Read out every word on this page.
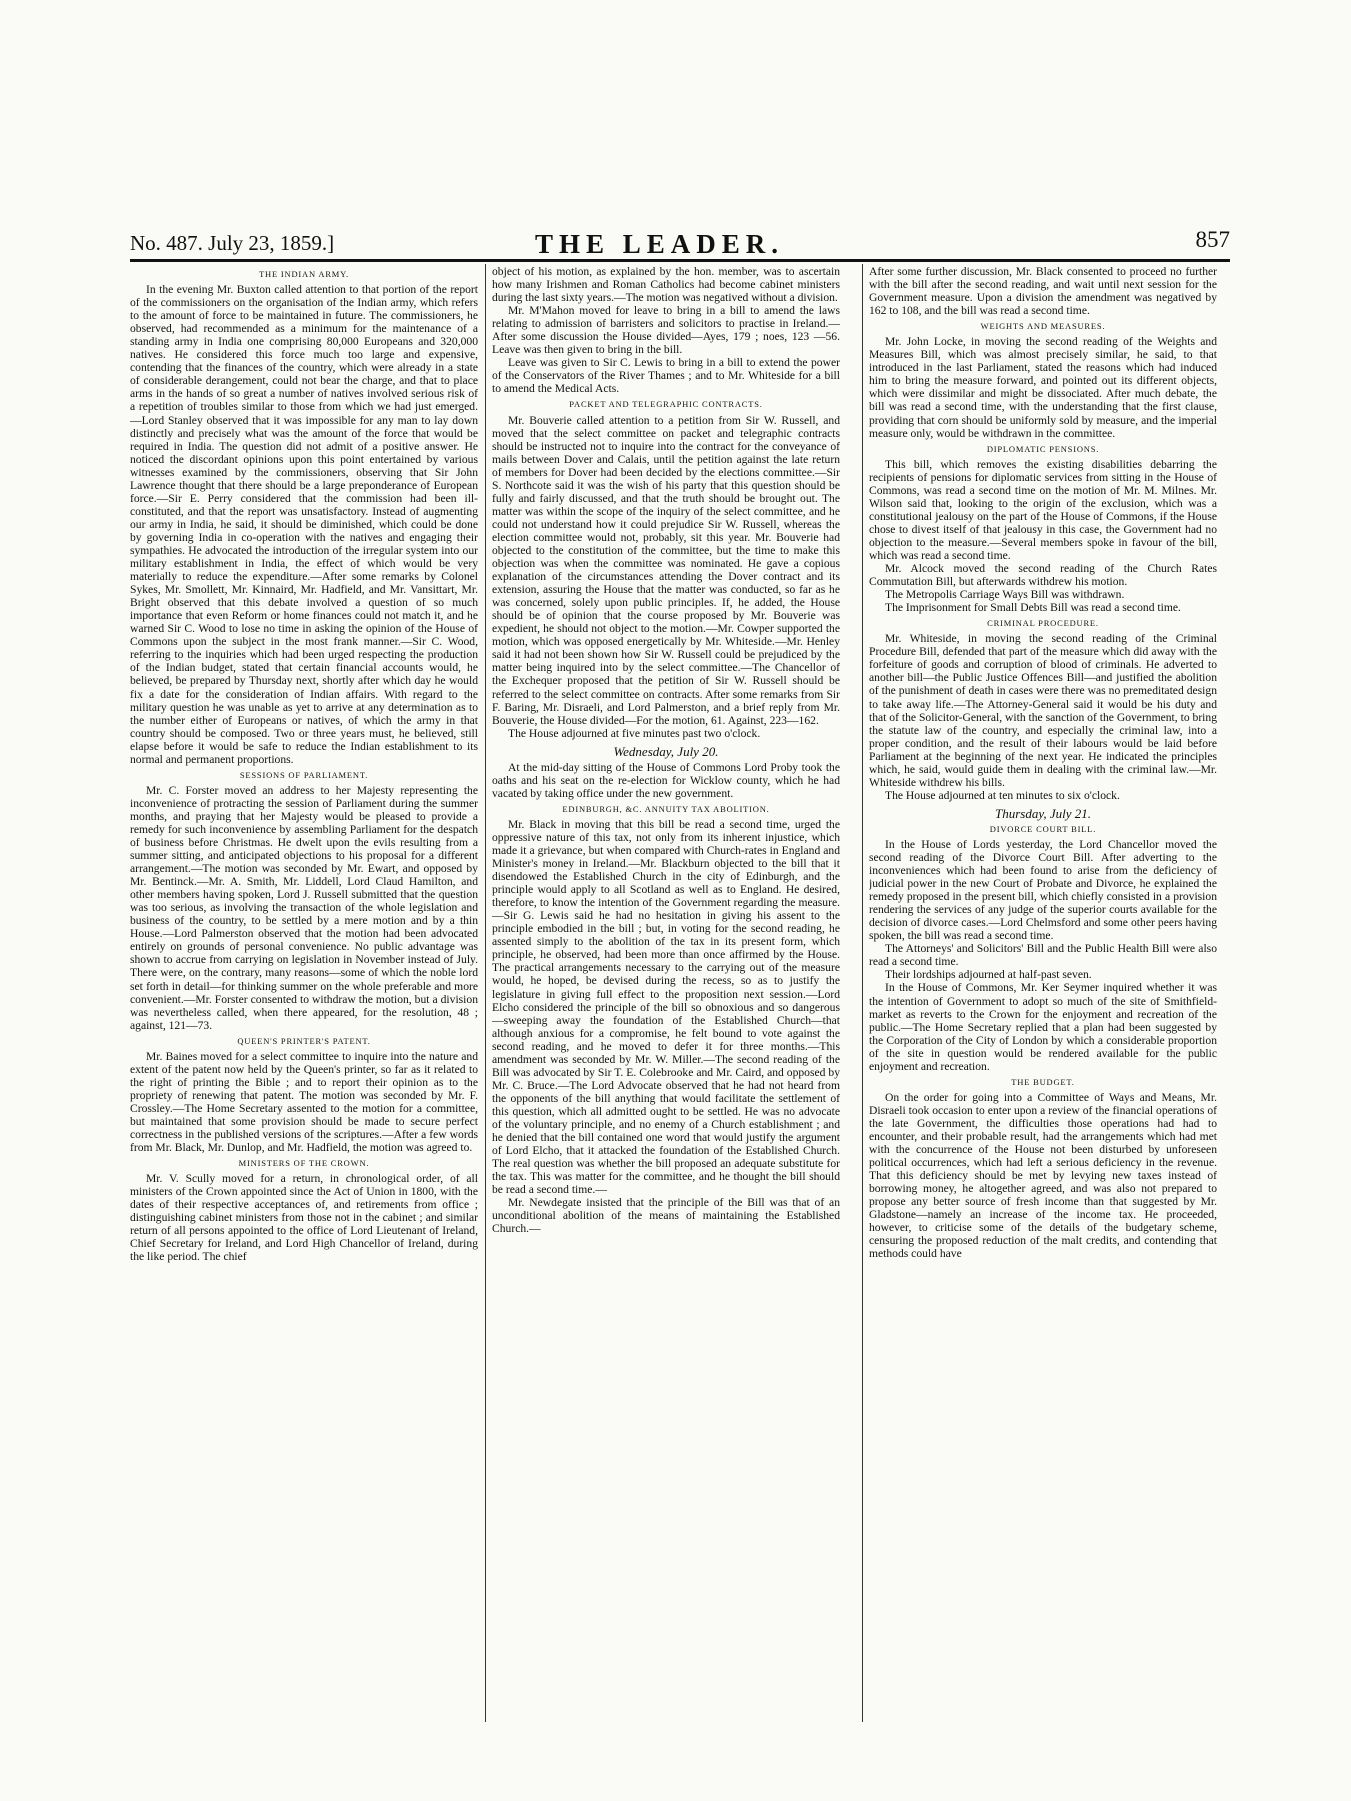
No. 487. July 23, 1859.]	THE LEADER.	857
THE INDIAN ARMY.
In the evening Mr. Buxton called attention to that portion of the report of the commissioners on the organisation of the Indian army, which refers to the amount of force to be maintained in future. The commissioners, he observed, had recommended as a minimum for the maintenance of a standing army in India one comprising 80,000 Europeans and 320,000 natives. He considered this force much too large and expensive, contending that the finances of the country, which were already in a state of considerable derangement, could not bear the charge, and that to place arms in the hands of so great a number of natives involved serious risk of a repetition of troubles similar to those from which we had just emerged.—Lord Stanley observed that it was impossible for any man to lay down distinctly and precisely what was the amount of the force that would be required in India. The question did not admit of a positive answer. He noticed the discordant opinions upon this point entertained by various witnesses examined by the commissioners, observing that Sir John Lawrence thought that there should be a large preponderance of European force.—Sir E. Perry considered that the commission had been ill-constituted, and that the report was unsatisfactory. Instead of augmenting our army in India, he said, it should be diminished, which could be done by governing India in co-operation with the natives and engaging their sympathies. He advocated the introduction of the irregular system into our military establishment in India, the effect of which would be very materially to reduce the expenditure.—After some remarks by Colonel Sykes, Mr. Smollett, Mr. Kinnaird, Mr. Hadfield, and Mr. Vansittart, Mr. Bright observed that this debate involved a question of so much importance that even Reform or home finances could not match it, and he warned Sir C. Wood to lose no time in asking the opinion of the House of Commons upon the subject in the most frank manner.—Sir C. Wood, referring to the inquiries which had been urged respecting the production of the Indian budget, stated that certain financial accounts would, he believed, be prepared by Thursday next, shortly after which day he would fix a date for the consideration of Indian affairs. With regard to the military question he was unable as yet to arrive at any determination as to the number either of Europeans or natives, of which the army in that country should be composed. Two or three years must, he believed, still elapse before it would be safe to reduce the Indian establishment to its normal and permanent proportions.
SESSIONS OF PARLIAMENT.
Mr. C. Forster moved an address to her Majesty representing the inconvenience of protracting the session of Parliament during the summer months, and praying that her Majesty would be pleased to provide a remedy for such inconvenience by assembling Parliament for the despatch of business before Christmas. He dwelt upon the evils resulting from a summer sitting, and anticipated objections to his proposal for a different arrangement.—The motion was seconded by Mr. Ewart, and opposed by Mr. Bentinck.—Mr. A. Smith, Mr. Liddell, Lord Claud Hamilton, and other members having spoken, Lord J. Russell submitted that the question was too serious, as involving the transaction of the whole legislation and business of the country, to be settled by a mere motion and by a thin House.—Lord Palmerston observed that the motion had been advocated entirely on grounds of personal convenience. No public advantage was shown to accrue from carrying on legislation in November instead of July. There were, on the contrary, many reasons—some of which the noble lord set forth in detail—for thinking summer on the whole preferable and more convenient.—Mr. Forster consented to withdraw the motion, but a division was nevertheless called, when there appeared, for the resolution, 48 ; against, 121—73.
QUEEN'S PRINTER'S PATENT.
Mr. Baines moved for a select committee to inquire into the nature and extent of the patent now held by the Queen's printer, so far as it related to the right of printing the Bible ; and to report their opinion as to the propriety of renewing that patent. The motion was seconded by Mr. F. Crossley.—The Home Secretary assented to the motion for a committee, but maintained that some provision should be made to secure perfect correctness in the published versions of the scriptures.—After a few words from Mr. Black, Mr. Dunlop, and Mr. Hadfield, the motion was agreed to.
MINISTERS OF THE CROWN.
Mr. V. Scully moved for a return, in chronological order, of all ministers of the Crown appointed since the Act of Union in 1800, with the dates of their respective acceptances of, and retirements from office ; distinguishing cabinet ministers from those not in the cabinet ; and similar return of all persons appointed to the office of Lord Lieutenant of Ireland, Chief Secretary for Ireland, and Lord High Chancellor of Ireland, during the like period. The chief
object of his motion, as explained by the hon. member, was to ascertain how many Irishmen and Roman Catholics had become cabinet ministers during the last sixty years.—The motion was negatived without a division.
Mr. M'Mahon moved for leave to bring in a bill to amend the laws relating to admission of barristers and solicitors to practise in Ireland.—After some discussion the House divided—Ayes, 179 ; noes, 123 —56. Leave was then given to bring in the bill.
Leave was given to Sir C. Lewis to bring in a bill to extend the power of the Conservators of the River Thames ; and to Mr. Whiteside for a bill to amend the Medical Acts.
PACKET AND TELEGRAPHIC CONTRACTS.
Mr. Bouverie called attention to a petition from Sir W. Russell, and moved that the select committee on packet and telegraphic contracts should be instructed not to inquire into the contract for the conveyance of mails between Dover and Calais, until the petition against the late return of members for Dover had been decided by the elections committee.—Sir S. Northcote said it was the wish of his party that this question should be fully and fairly discussed, and that the truth should be brought out. The matter was within the scope of the inquiry of the select committee, and he could not understand how it could prejudice Sir W. Russell, whereas the election committee would not, probably, sit this year. Mr. Bouverie had objected to the constitution of the committee, but the time to make this objection was when the committee was nominated. He gave a copious explanation of the circumstances attending the Dover contract and its extension, assuring the House that the matter was conducted, so far as he was concerned, solely upon public principles. If, he added, the House should be of opinion that the course proposed by Mr. Bouverie was expedient, he should not object to the motion.—Mr. Cowper supported the motion, which was opposed energetically by Mr. Whiteside.—Mr. Henley said it had not been shown how Sir W. Russell could be prejudiced by the matter being inquired into by the select committee.—The Chancellor of the Exchequer proposed that the petition of Sir W. Russell should be referred to the select committee on contracts. After some remarks from Sir F. Baring, Mr. Disraeli, and Lord Palmerston, and a brief reply from Mr. Bouverie, the House divided—For the motion, 61. Against, 223—162.
The House adjourned at five minutes past two o'clock.
Wednesday, July 20.
At the mid-day sitting of the House of Commons Lord Proby took the oaths and his seat on the re-election for Wicklow county, which he had vacated by taking office under the new government.
EDINBURGH, &C. ANNUITY TAX ABOLITION.
Mr. Black in moving that this bill be read a second time, urged the oppressive nature of this tax, not only from its inherent injustice, which made it a grievance, but when compared with Church-rates in England and Minister's money in Ireland.—Mr. Blackburn objected to the bill that it disendowed the Established Church in the city of Edinburgh, and the principle would apply to all Scotland as well as to England. He desired, therefore, to know the intention of the Government regarding the measure.—Sir G. Lewis said he had no hesitation in giving his assent to the principle embodied in the bill ; but, in voting for the second reading, he assented simply to the abolition of the tax in its present form, which principle, he observed, had been more than once affirmed by the House. The practical arrangements necessary to the carrying out of the measure would, he hoped, be devised during the recess, so as to justify the legislature in giving full effect to the proposition next session.—Lord Elcho considered the principle of the bill so obnoxious and so dangerous—sweeping away the foundation of the Established Church—that although anxious for a compromise, he felt bound to vote against the second reading, and he moved to defer it for three months.—This amendment was seconded by Mr. W. Miller.—The second reading of the Bill was advocated by Sir T. E. Colebrooke and Mr. Caird, and opposed by Mr. C. Bruce.—The Lord Advocate observed that he had not heard from the opponents of the bill anything that would facilitate the settlement of this question, which all admitted ought to be settled. He was no advocate of the voluntary principle, and no enemy of a Church establishment ; and he denied that the bill contained one word that would justify the argument of Lord Elcho, that it attacked the foundation of the Established Church. The real question was whether the bill proposed an adequate substitute for the tax. This was matter for the committee, and he thought the bill should be read a second time.—
Mr. Newdegate insisted that the principle of the Bill was that of an unconditional abolition of the means of maintaining the Established Church.—
After some further discussion, Mr. Black consented to proceed no further with the bill after the second reading, and wait until next session for the Government measure. Upon a division the amendment was negatived by 162 to 108, and the bill was read a second time.
WEIGHTS AND MEASURES.
Mr. John Locke, in moving the second reading of the Weights and Measures Bill, which was almost precisely similar, he said, to that introduced in the last Parliament, stated the reasons which had induced him to bring the measure forward, and pointed out its different objects, which were dissimilar and might be dissociated. After much debate, the bill was read a second time, with the understanding that the first clause, providing that corn should be uniformly sold by measure, and the imperial measure only, would be withdrawn in the committee.
DIPLOMATIC PENSIONS.
This bill, which removes the existing disabilities debarring the recipients of pensions for diplomatic services from sitting in the House of Commons, was read a second time on the motion of Mr. M. Milnes. Mr. Wilson said that, looking to the origin of the exclusion, which was a constitutional jealousy on the part of the House of Commons, if the House chose to divest itself of that jealousy in this case, the Government had no objection to the measure.—Several members spoke in favour of the bill, which was read a second time.
Mr. Alcock moved the second reading of the Church Rates Commutation Bill, but afterwards withdrew his motion.
The Metropolis Carriage Ways Bill was withdrawn.
The Imprisonment for Small Debts Bill was read a second time.
CRIMINAL PROCEDURE.
Mr. Whiteside, in moving the second reading of the Criminal Procedure Bill, defended that part of the measure which did away with the forfeiture of goods and corruption of blood of criminals. He adverted to another bill—the Public Justice Offences Bill—and justified the abolition of the punishment of death in cases were there was no premeditated design to take away life.—The Attorney-General said it would be his duty and that of the Solicitor-General, with the sanction of the Government, to bring the statute law of the country, and especially the criminal law, into a proper condition, and the result of their labours would be laid before Parliament at the beginning of the next year. He indicated the principles which, he said, would guide them in dealing with the criminal law.—Mr. Whiteside withdrew his bills.
The House adjourned at ten minutes to six o'clock.
Thursday, July 21.
DIVORCE COURT BILL.
In the House of Lords yesterday, the Lord Chancellor moved the second reading of the Divorce Court Bill. After adverting to the inconveniences which had been found to arise from the deficiency of judicial power in the new Court of Probate and Divorce, he explained the remedy proposed in the present bill, which chiefly consisted in a provision rendering the services of any judge of the superior courts available for the decision of divorce cases.—Lord Chelmsford and some other peers having spoken, the bill was read a second time.
The Attorneys' and Solicitors' Bill and the Public Health Bill were also read a second time.
Their lordships adjourned at half-past seven.
In the House of Commons, Mr. Ker Seymer inquired whether it was the intention of Government to adopt so much of the site of Smithfield-market as reverts to the Crown for the enjoyment and recreation of the public.—The Home Secretary replied that a plan had been suggested by the Corporation of the City of London by which a considerable proportion of the site in question would be rendered available for the public enjoyment and recreation.
THE BUDGET.
On the order for going into a Committee of Ways and Means, Mr. Disraeli took occasion to enter upon a review of the financial operations of the late Government, the difficulties those operations had had to encounter, and their probable result, had the arrangements which had met with the concurrence of the House not been disturbed by unforeseen political occurrences, which had left a serious deficiency in the revenue. That this deficiency should be met by levying new taxes instead of borrowing money, he altogether agreed, and was also not prepared to propose any better source of fresh income than that suggested by Mr. Gladstone—namely an increase of the income tax. He proceeded, however, to criticise some of the details of the budgetary scheme, censuring the proposed reduction of the malt credits, and contending that methods could have
